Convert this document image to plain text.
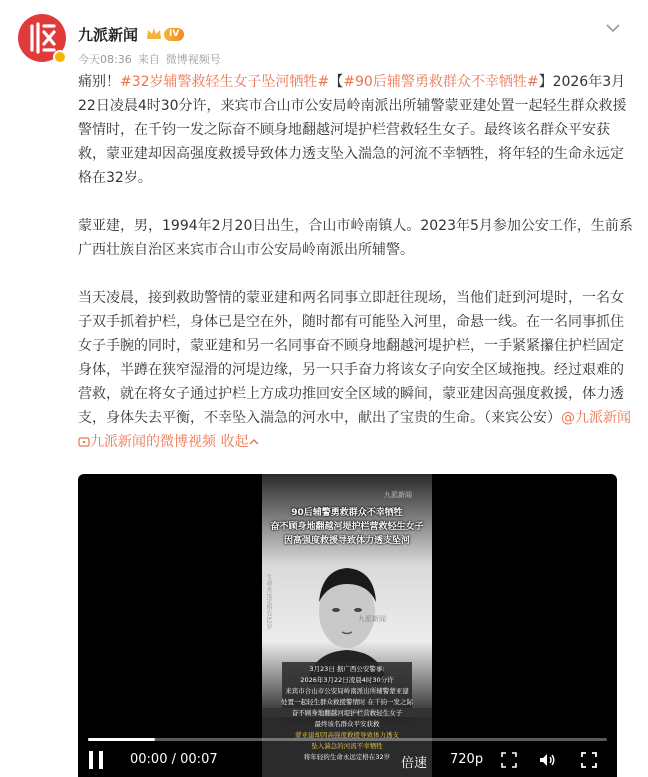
九派新闻	IV
今天08:36 来自 微博视频号

痛别！#32岁辅警救轻生女子坠河牺牲#【#90后辅警勇救群众不幸牺牲#】2026年3月22日凌晨4时30分许，来宾市合山市公安局岭南派出所辅警蒙亚建处置一起轻生群众救援警情时，在千钧一发之际奋不顾身地翻越河堤护栏营救轻生女子。最终该名群众平安获救，蒙亚建却因高强度救援导致体力透支坠入湍急的河流不幸牺牲，将年轻的生命永远定格在32岁。

蒙亚建，男，1994年2月20日出生，合山市岭南镇人。2023年5月参加公安工作，生前系广西壮族自治区来宾市合山市公安局岭南派出所辅警。

当天凌晨，接到救助警情的蒙亚建和两名同事立即赶往现场，当他们赶到河堤时，一名女子双手抓着护栏，身体已是空在外，随时都有可能坠入河里，命悬一线。在一名同事抓住女子手腕的同时，蒙亚建和另一名同事奋不顾身地翻越河堤护栏，一手紧紧攥住护栏固定身体，半蹲在狭窄湿滑的河堤边缘，另一只手奋力将该女子向安全区域拖拽。经过艰难的营救，就在将女子通过护栏上方成功推回安全区域的瞬间，蒙亚建因高强度救援，体力透支，身体失去平衡，不幸坠入湍急的河水中，献出了宝贵的生命。（来宾公安）@九派新闻 九派新闻的微博视频 收起

九派新闻
90后辅警勇救群众不幸牺牲
奋不顾身地翻越河堤护栏营救轻生女子
因高强度救援导致体力透支坠河
九派新闻
生命永远定格在32岁
3月23日 据广西公安警事:
2026年3月22日凌晨4时30分许
来宾市合山市公安局岭南派出所辅警蒙亚建
处置一起轻生群众救援警情时 在千钧一发之际
奋不顾身地翻越河堤护栏营救轻生女子
最终该名群众平安获救
蒙亚建却因高强度救援导致体力透支
坠入湍急的河流不幸牺牲
将年轻的生命永远定格在32岁
00:00 / 00:07	倍速 720p
